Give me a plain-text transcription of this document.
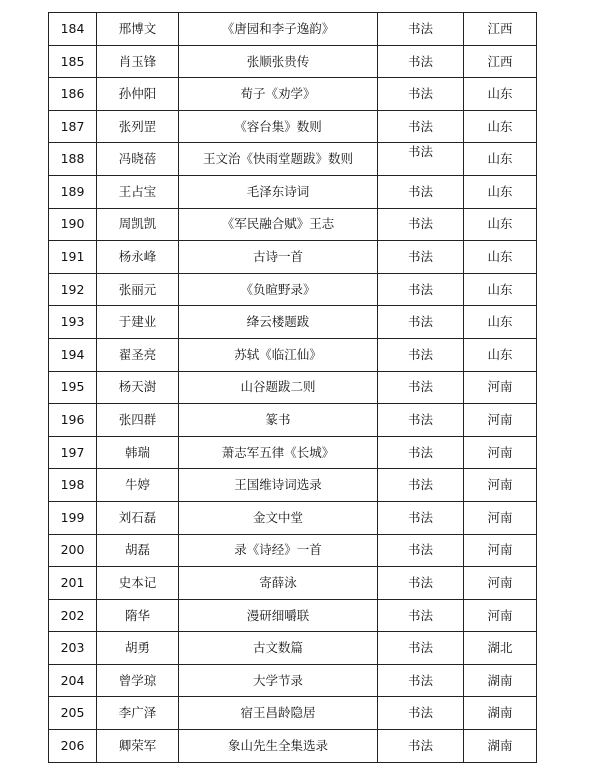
184	邢博文	《唐园和李子逸韵》	书法	江西
185	肖玉锋	张顺张贵传	书法	江西
186	孙仲阳	荀子《劝学》	书法	山东
187	张列罡	《容台集》数则	书法	山东
188	冯晓蓓	王文治《快雨堂题跋》数则	书法	山东
189	王占宝	毛泽东诗词	书法	山东
190	周凯凯	《军民融合赋》王志	书法	山东
191	杨永峰	古诗一首	书法	山东
192	张丽元	《负暄野录》	书法	山东
193	于建业	绛云楼题跋	书法	山东
194	翟圣亮	苏轼《临江仙》	书法	山东
195	杨天澍	山谷题跋二则	书法	河南
196	张四群	篆书	书法	河南
197	韩瑞	萧志军五律《长城》	书法	河南
198	牛婷	王国维诗词选录	书法	河南
199	刘石磊	金文中堂	书法	河南
200	胡磊	录《诗经》一首	书法	河南
201	史本记	寄薛泳	书法	河南
202	隋华	漫研细嚼联	书法	河南
203	胡勇	古文数篇	书法	湖北
204	曾学琼	大学节录	书法	湖南
205	李广泽	宿王昌龄隐居	书法	湖南
206	卿荣军	象山先生全集选录	书法	湖南
